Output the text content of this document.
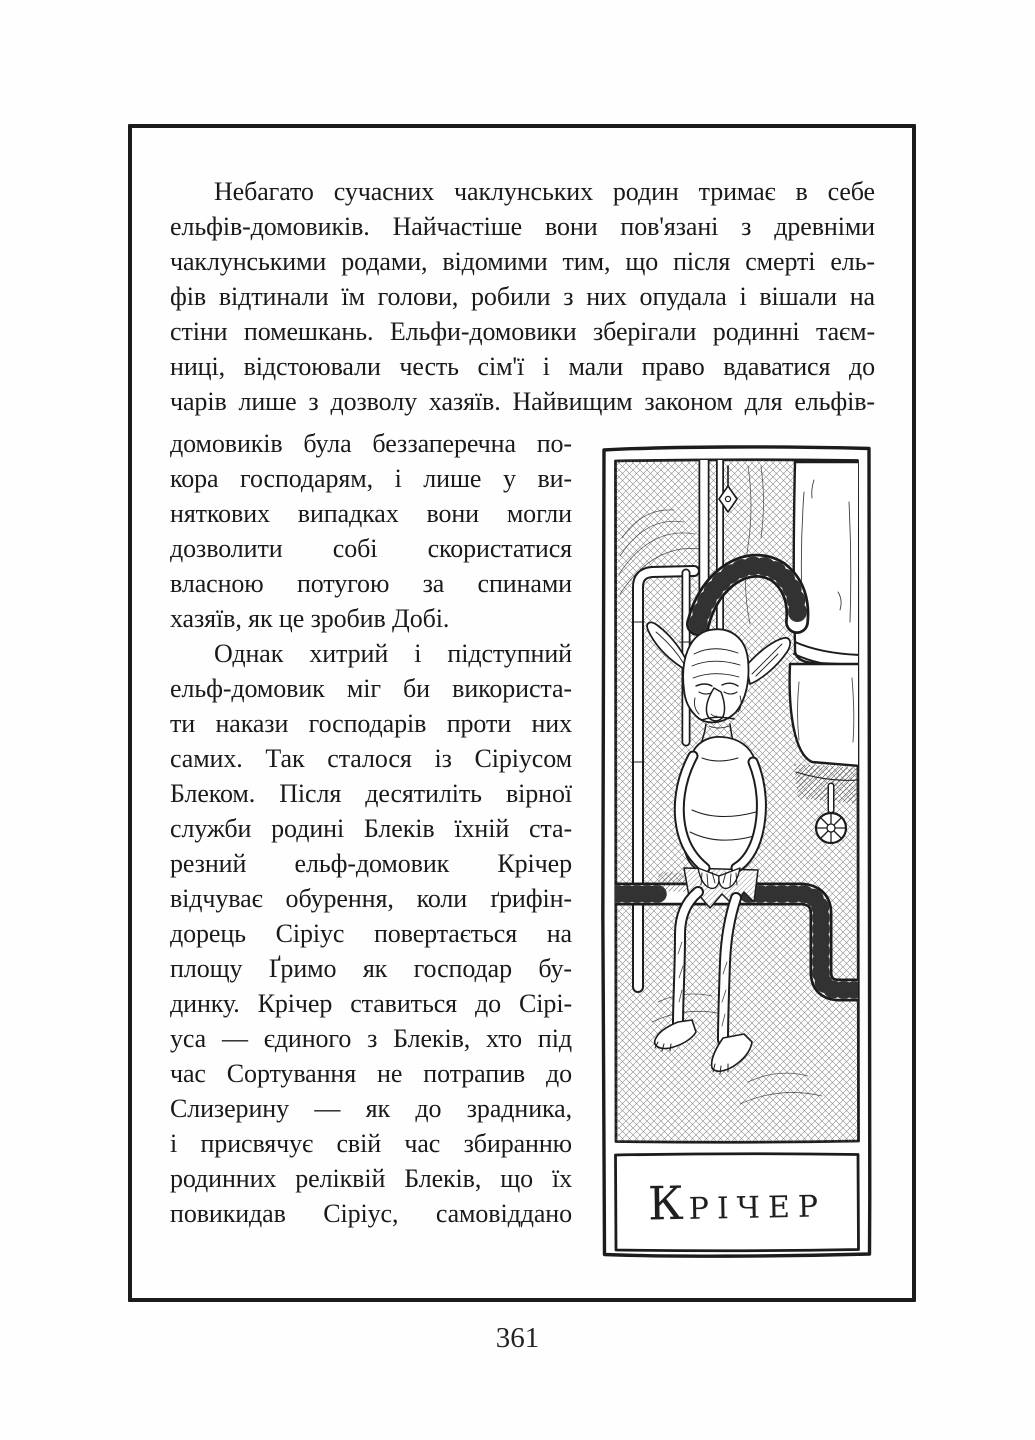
Небагато сучасних чаклунських родин тримає в себе
ельфів-домовиків. Найчастіше вони пов'язані з древніми
чаклунськими родами, відомими тим, що після смерті ель-
фів відтинали їм голови, робили з них опудала і вішали на
стіни помешкань. Ельфи-домовики зберігали родинні таєм-
ниці, відстоювали честь сім'ї і мали право вдаватися до
чарів лише з дозволу хазяїв. Найвищим законом для ельфів-
домовиків була беззаперечна по-
кора господарям, і лише у ви-
няткових випадках вони могли
дозволити собі скористатися
власною потугою за спинами
хазяїв, як це зробив Добі.
Однак хитрий і підступний
ельф-домовик міг би використа-
ти накази господарів проти них
самих. Так сталося із Сіріусом
Блеком. Після десятиліть вірної
служби родині Блеків їхній ста-
резний ельф-домовик Крічер
відчуває обурення, коли ґрифін-
дорець Сіріус повертається на
площу Ґримо як господар бу-
динку. Крічер ставиться до Сірі-
уса — єдиного з Блеків, хто під
час Сортування не потрапив до
Слизерину — як до зрадника,
і присвячує свій час збиранню
родинних реліквій Блеків, що їх
повикидав Сіріус, самовіддано	КРІЧЕР
361
